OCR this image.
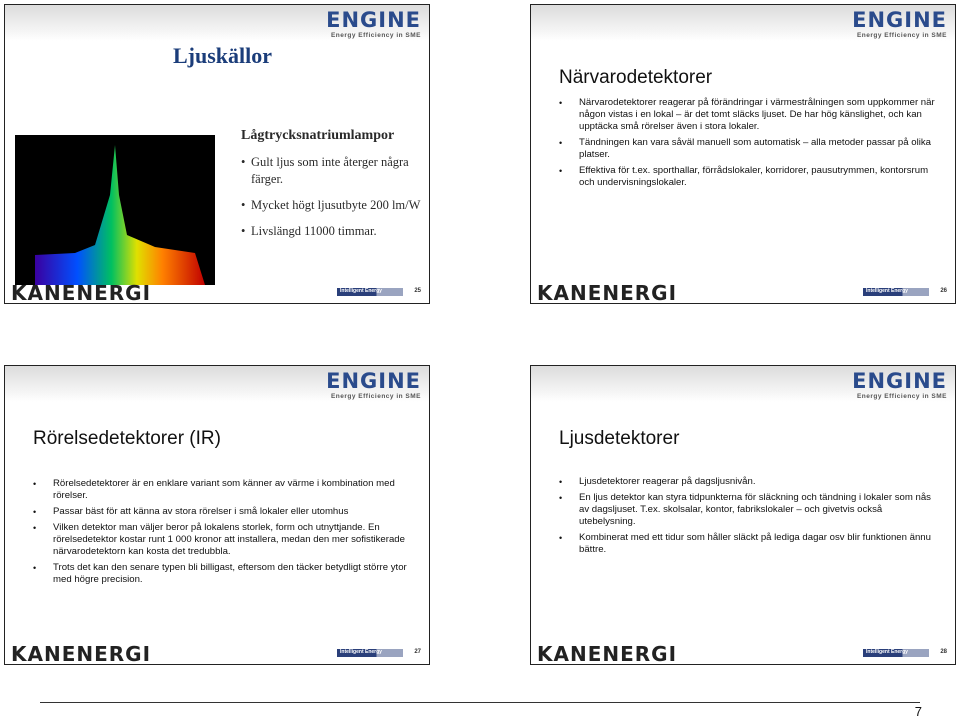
ENGINE
Energy Efficiency in SME
Ljuskällor
Lågtrycksnatriumlampor
• Gult ljus som inte återger några färger.
• Mycket högt ljusutbyte 200 lm/W
• Livslängd 11000 timmar.
KANENERGI	Intelligent Energy	25
ENGINE
Energy Efficiency in SME
Närvarodetektorer
• Närvarodetektorer reagerar på förändringar i värmestrålningen som uppkommer när någon vistas i en lokal – är det tomt släcks ljuset. De har hög känslighet, och kan upptäcka små rörelser även i stora lokaler.
• Tändningen kan vara såväl manuell som automatisk – alla metoder passar på olika platser.
• Effektiva för t.ex. sporthallar, förrådslokaler, korridorer, pausutrymmen, kontorsrum och undervisningslokaler.
KANENERGI	Intelligent Energy	26
ENGINE
Energy Efficiency in SME
Rörelsedetektorer (IR)
• Rörelsedetektorer är en enklare variant som känner av värme i kombination med rörelser.
• Passar bäst för att känna av stora rörelser i små lokaler eller utomhus
• Vilken detektor man väljer beror på lokalens storlek, form och utnyttjande. En rörelsedetektor kostar runt 1 000 kronor att installera, medan den mer sofistikerade närvarodetektorn kan kosta det tredubbla.
• Trots det kan den senare typen bli billigast, eftersom den täcker betydligt större ytor med högre precision.
KANENERGI	Intelligent Energy	27
ENGINE
Energy Efficiency in SME
Ljusdetektorer
• Ljusdetektorer reagerar på dagsljusnivån.
• En ljus detektor kan styra tidpunkterna för släckning och tändning i lokaler som nås av dagsljuset. T.ex. skolsalar, kontor, fabrikslokaler – och givetvis också utebelysning.
• Kombinerat med ett tidur som håller släckt på lediga dagar osv blir funktionen ännu bättre.
KANENERGI	Intelligent Energy	28
7
